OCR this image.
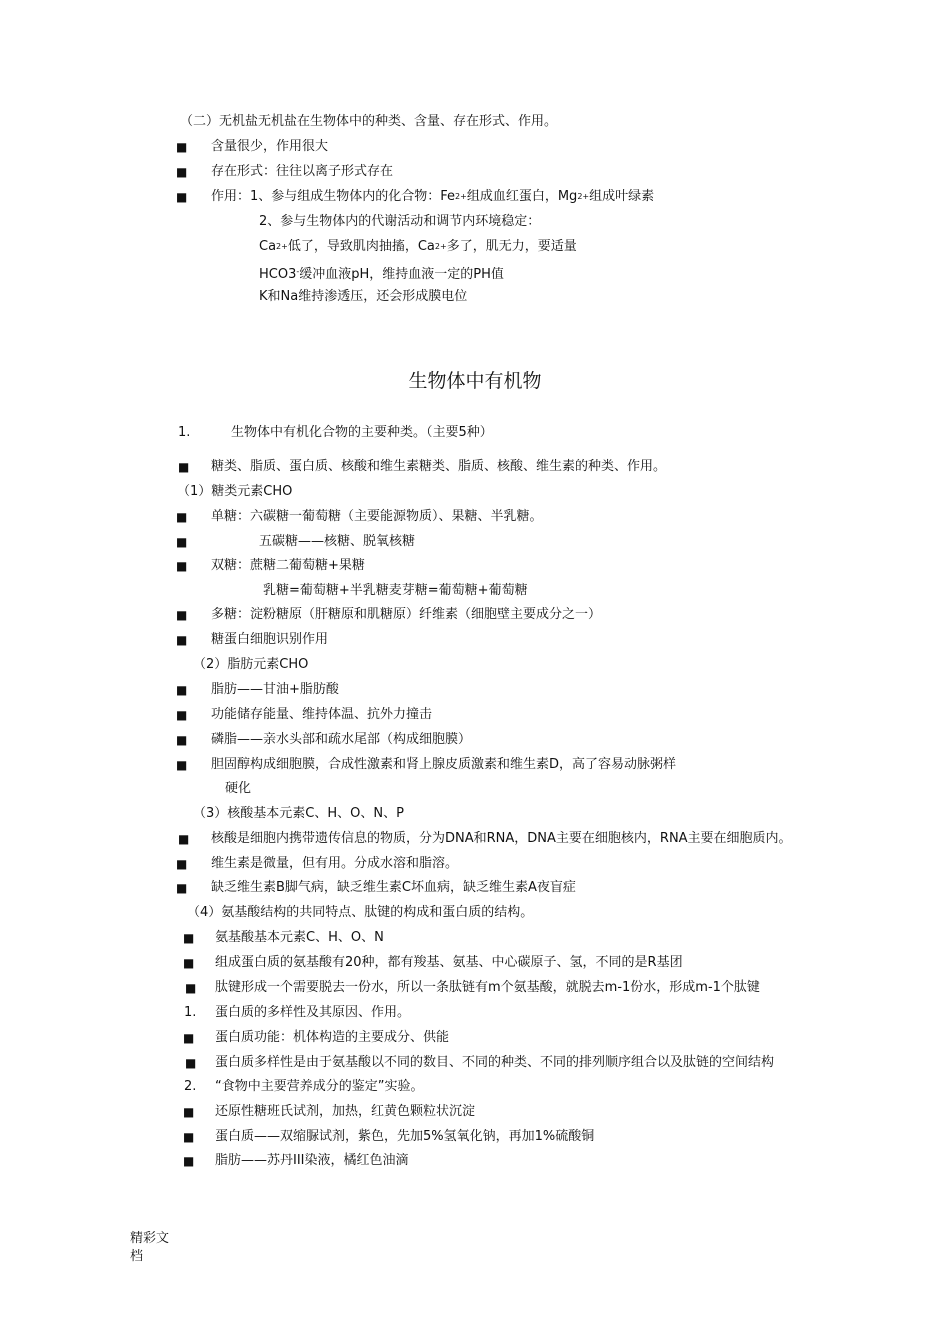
（二）无机盐无机盐在生物体中的种类、含量、存在形式、作用。
■ 含量很少，作用很大
■ 存在形式：往往以离子形式存在
■ 作用：1、参与组成生物体内的化合物：$Fe_{2+}$组成血红蛋白，$Mg_{2+}$组成叶绿素
2、参与生物体内的代谢活动和调节内环境稳定：
$Ca_{2+}$低了，导致肌肉抽搐，$Ca_{2+}$多了，肌无力，要适量
HCO3-缓冲血液pH，维持血液一定的PH值
K和Na维持渗透压，还会形成膜电位
生物体中有机物
1.	生物体中有机化合物的主要种类。（主要5种）
■ 糖类、脂质、蛋白质、核酸和维生素糖类、脂质、核酸、维生素的种类、作用。
（1）糖类元素CHO
■ 单糖：六碳糖一葡萄糖（主要能源物质）、果糖、半乳糖。
■	五碳糖——核糖、脱氧核糖
■ 双糖：蔗糖二葡萄糖+果糖
乳糖=葡萄糖+半乳糖麦芽糖=葡萄糖+葡萄糖
■ 多糖：淀粉糖原（肝糖原和肌糖原）纤维素（细胞壁主要成分之一）
■ 糖蛋白细胞识别作用
（2）脂肪元素CHO
■ 脂肪——甘油+脂肪酸
■ 功能储存能量、维持体温、抗外力撞击
■ 磷脂——亲水头部和疏水尾部（构成细胞膜）
■ 胆固醇构成细胞膜，合成性激素和肾上腺皮质激素和维生素D，高了容易动脉粥样
硬化
（3）核酸基本元素C、H、O、N、P
■ 核酸是细胞内携带遗传信息的物质，分为DNA和RNA，DNA主要在细胞核内，RNA主要在细胞质内。
■ 维生素是微量，但有用。分成水溶和脂溶。
■ 缺乏维生素B脚气病，缺乏维生素C坏血病，缺乏维生素A夜盲症
（4）氨基酸结构的共同特点、肽键的构成和蛋白质的结构。
■ 氨基酸基本元素C、H、O、N
■ 组成蛋白质的氨基酸有20种，都有羧基、氨基、中心碳原子、氢，不同的是R基团
■ 肽键形成一个需要脱去一份水，所以一条肽链有m个氨基酸，就脱去m-1份水，形成m-1个肽键
1. 蛋白质的多样性及其原因、作用。
■ 蛋白质功能：机体构造的主要成分、供能
■ 蛋白质多样性是由于氨基酸以不同的数目、不同的种类、不同的排列顺序组合以及肽链的空间结构
2. “食物中主要营养成分的鉴定”实验。
■ 还原性糖班氏试剂，加热，红黄色颗粒状沉淀
■ 蛋白质——双缩脲试剂，紫色，先加5%氢氧化钠，再加1%硫酸铜
■ 脂肪——苏丹III染液，橘红色油滴
精彩文档
